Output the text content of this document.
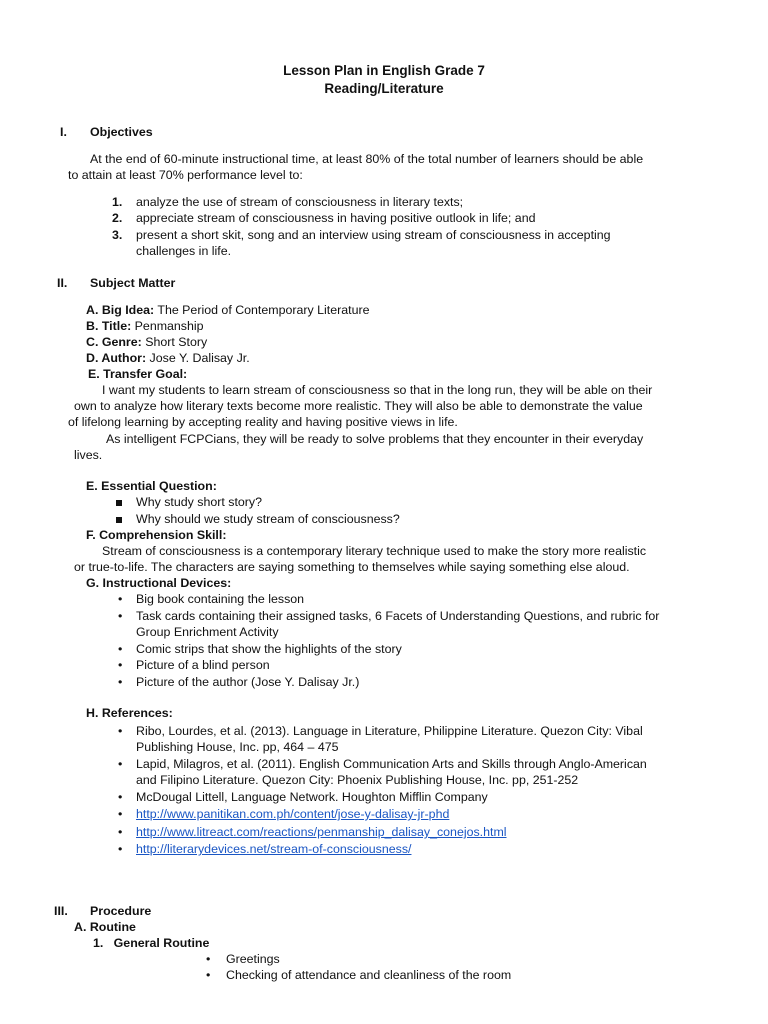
Lesson Plan in English Grade 7
Reading/Literature
I. Objectives
At the end of 60-minute instructional time, at least 80% of the total number of learners should be able
to attain at least 70% performance level to:
1. analyze the use of stream of consciousness in literary texts;
2. appreciate stream of consciousness in having positive outlook in life; and
3. present a short skit, song and an interview using stream of consciousness in accepting
challenges in life.
II. Subject Matter
A. Big Idea: The Period of Contemporary Literature
B. Title: Penmanship
C. Genre: Short Story
D. Author: Jose Y. Dalisay Jr.
E. Transfer Goal:
I want my students to learn stream of consciousness so that in the long run, they will be able on their
own to analyze how literary texts become more realistic. They will also be able to demonstrate the value
of lifelong learning by accepting reality and having positive views in life.
As intelligent FCPCians, they will be ready to solve problems that they encounter in their everyday
lives.
E. Essential Question:
Why study short story?
Why should we study stream of consciousness?
F. Comprehension Skill:
Stream of consciousness is a contemporary literary technique used to make the story more realistic
or true-to-life. The characters are saying something to themselves while saying something else aloud.
G. Instructional Devices:
• Big book containing the lesson
• Task cards containing their assigned tasks, 6 Facets of Understanding Questions, and rubric for
Group Enrichment Activity
• Comic strips that show the highlights of the story
• Picture of a blind person
• Picture of the author (Jose Y. Dalisay Jr.)
H. References:
• Ribo, Lourdes, et al. (2013). Language in Literature, Philippine Literature. Quezon City: Vibal
Publishing House, Inc. pp, 464 – 475
• Lapid, Milagros, et al. (2011). English Communication Arts and Skills through Anglo-American
and Filipino Literature. Quezon City: Phoenix Publishing House, Inc. pp, 251-252
• McDougal Littell, Language Network. Houghton Mifflin Company
• http://www.panitikan.com.ph/content/jose-y-dalisay-jr-phd
• http://www.litreact.com/reactions/penmanship_dalisay_conejos.html
• http://literarydevices.net/stream-of-consciousness/
III. Procedure
A. Routine
1.   General Routine
• Greetings
• Checking of attendance and cleanliness of the room
